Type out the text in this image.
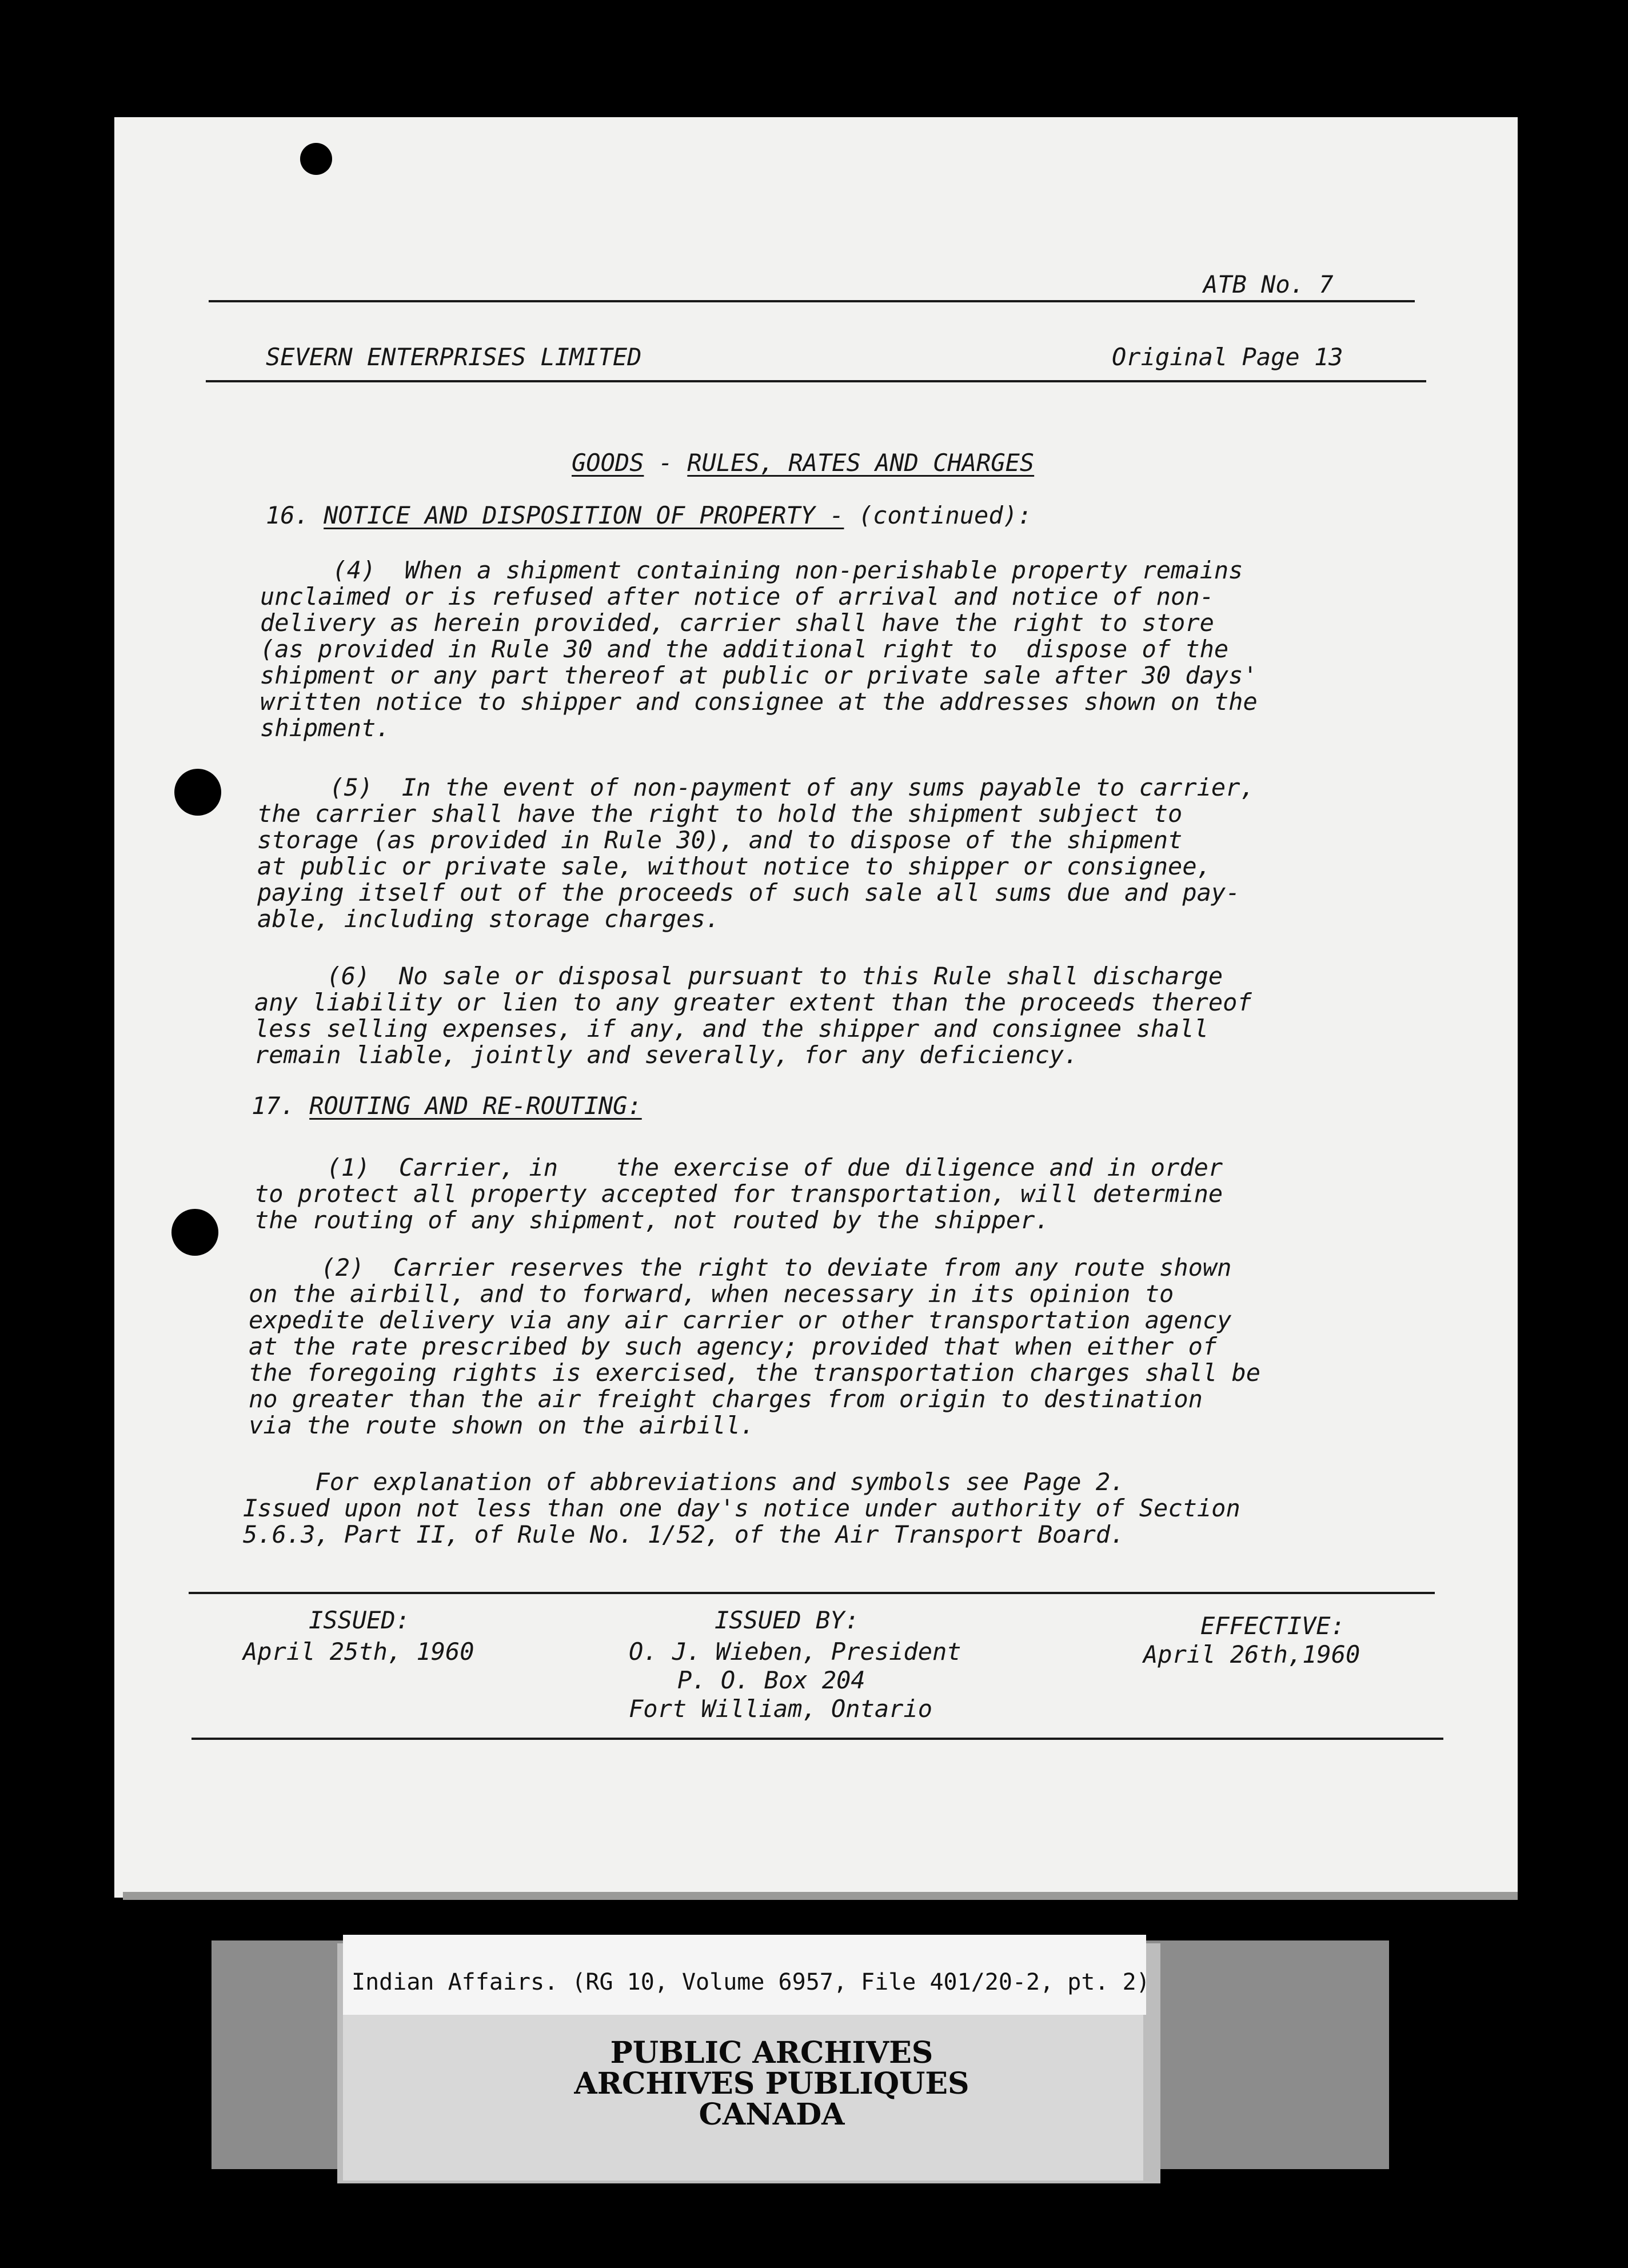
ATB No. 7
SEVERN ENTERPRISES LIMITED	Original Page 13
GOODS - RULES, RATES AND CHARGES
16. NOTICE AND DISPOSITION OF PROPERTY - (continued):
(4)  When a shipment containing non-perishable property remains
unclaimed or is refused after notice of arrival and notice of non-
delivery as herein provided, carrier shall have the right to store
(as provided in Rule 30 and the additional right to  dispose of the
shipment or any part thereof at public or private sale after 30 days'
written notice to shipper and consignee at the addresses shown on the
shipment.
(5)  In the event of non-payment of any sums payable to carrier,
the carrier shall have the right to hold the shipment subject to
storage (as provided in Rule 30), and to dispose of the shipment
at public or private sale, without notice to shipper or consignee,
paying itself out of the proceeds of such sale all sums due and pay-
able, including storage charges.
(6)  No sale or disposal pursuant to this Rule shall discharge
any liability or lien to any greater extent than the proceeds thereof
less selling expenses, if any, and the shipper and consignee shall
remain liable, jointly and severally, for any deficiency.
17. ROUTING AND RE-ROUTING:
(1)  Carrier, in    the exercise of due diligence and in order
to protect all property accepted for transportation, will determine
the routing of any shipment, not routed by the shipper.
(2)  Carrier reserves the right to deviate from any route shown
on the airbill, and to forward, when necessary in its opinion to
expedite delivery via any air carrier or other transportation agency
at the rate prescribed by such agency; provided that when either of
the foregoing rights is exercised, the transportation charges shall be
no greater than the air freight charges from origin to destination
via the route shown on the airbill.
For explanation of abbreviations and symbols see Page 2.
Issued upon not less than one day's notice under authority of Section
5.6.3, Part II, of Rule No. 1/52, of the Air Transport Board.
ISSUED:
April 25th, 1960
ISSUED BY:
O. J. Wieben, President
P. O. Box 204
Fort William, Ontario
EFFECTIVE:
April 26th,1960
Indian Affairs. (RG 10, Volume 6957, File 401/20-2, pt. 2)
PUBLIC ARCHIVES
ARCHIVES PUBLIQUES
CANADA
